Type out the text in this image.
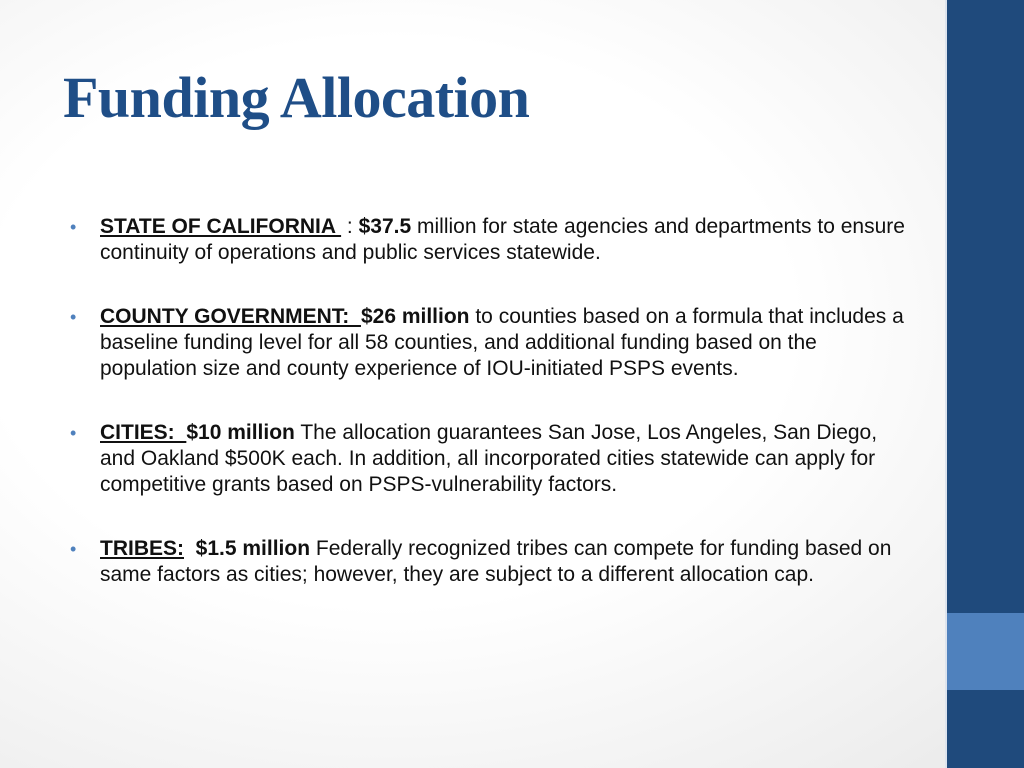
Funding Allocation
• STATE OF CALIFORNIA  : $37.5 million for state agencies and departments to ensure continuity of operations and public services statewide.
• COUNTY GOVERNMENT:  $26 million to counties based on a formula that includes a baseline funding level for all 58 counties, and additional funding based on the population size and county experience of IOU-initiated PSPS events.
• CITIES:  $10 million The allocation guarantees San Jose, Los Angeles, San Diego, and Oakland $500K each. In addition, all incorporated cities statewide can apply for competitive grants based on PSPS-vulnerability factors.
• TRIBES: $1.5 million Federally recognized tribes can compete for funding based on same factors as cities; however, they are subject to a different allocation cap.
